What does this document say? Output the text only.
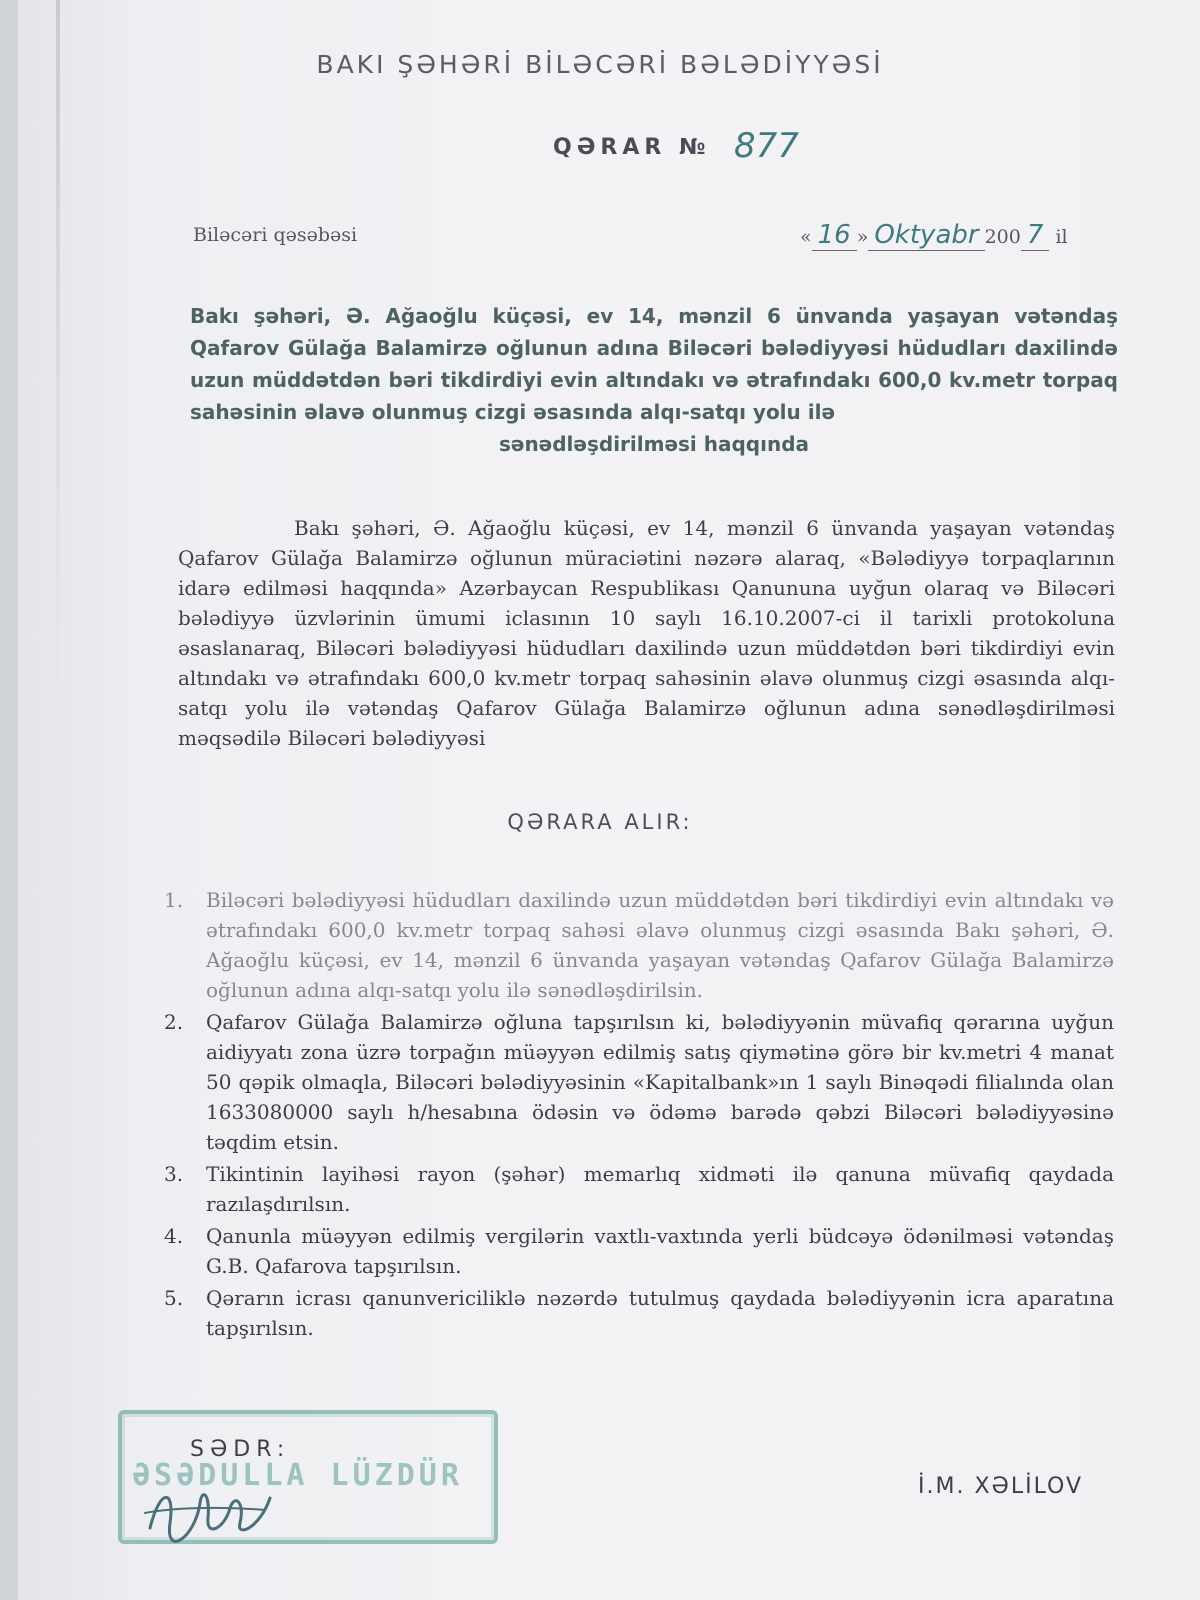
BAKI ŞƏHƏRİ BİLƏCƏRİ BƏLƏDİYYƏSİ
QƏRAR № 877
Biləcəri qəsəbəsi	« 16 » Oktyabr 200 7 il
Bakı şəhəri, Ə. Ağaoğlu küçəsi, ev 14, mənzil 6 ünvanda yaşayan vətəndaş Qafarov Gülağa Balamirzə oğlunun adına Biləcəri bələdiyyəsi hüdudları daxilində uzun müddətdən bəri tikdirdiyi evin altındakı və ətrafındakı 600,0 kv.metr torpaq sahəsinin əlavə olunmuş cizgi əsasında alqı-satqı yolu ilə
sənədləşdirilməsi haqqında
Bakı şəhəri, Ə. Ağaoğlu küçəsi, ev 14, mənzil 6 ünvanda yaşayan vətəndaş Qafarov Gülağa Balamirzə oğlunun müraciətini nəzərə alaraq, «Bələdiyyə torpaqlarının idarə edilməsi haqqında» Azərbaycan Respublikası Qanununa uyğun olaraq və Biləcəri bələdiyyə üzvlərinin ümumi iclasının 10 saylı 16.10.2007-ci il tarixli protokoluna əsaslanaraq, Biləcəri bələdiyyəsi hüdudları daxilində uzun müddətdən bəri tikdirdiyi evin altındakı və ətrafındakı 600,0 kv.metr torpaq sahəsinin əlavə olunmuş cizgi əsasında alqı-satqı yolu ilə vətəndaş Qafarov Gülağa Balamirzə oğlunun adına sənədləşdirilməsi məqsədilə Biləcəri bələdiyyəsi
QƏRARA ALIR:
1. Biləcəri bələdiyyəsi hüdudları daxilində uzun müddətdən bəri tikdirdiyi evin altındakı və ətrafındakı 600,0 kv.metr torpaq sahəsi əlavə olunmuş cizgi əsasında Bakı şəhəri, Ə. Ağaoğlu küçəsi, ev 14, mənzil 6 ünvanda yaşayan vətəndaş Qafarov Gülağa Balamirzə oğlunun adına alqı-satqı yolu ilə sənədləşdirilsin.
2. Qafarov Gülağa Balamirzə oğluna tapşırılsın ki, bələdiyyənin müvafiq qərarına uyğun aidiyyatı zona üzrə torpağın müəyyən edilmiş satış qiymətinə görə bir kv.metri 4 manat 50 qəpik olmaqla, Biləcəri bələdiyyəsinin «Kapitalbank»ın 1 saylı Binəqədi filialında olan 1633080000 saylı h/hesabına ödəsin və ödəmə barədə qəbzi Biləcəri bələdiyyəsinə təqdim etsin.
3. Tikintinin layihəsi rayon (şəhər) memarlıq xidməti ilə qanuna müvafiq qaydada razılaşdırılsın.
4. Qanunla müəyyən edilmiş vergilərin vaxtlı-vaxtında yerli büdcəyə ödənilməsi vətəndaş G.B. Qafarova tapşırılsın.
5. Qərarın icrası qanunvericiliklə nəzərdə tutulmuş qaydada bələdiyyənin icra aparatına tapşırılsın.
ƏSƏDULLA LÜZDÜR
SƏDR:
İ.M. XƏLİLOV
